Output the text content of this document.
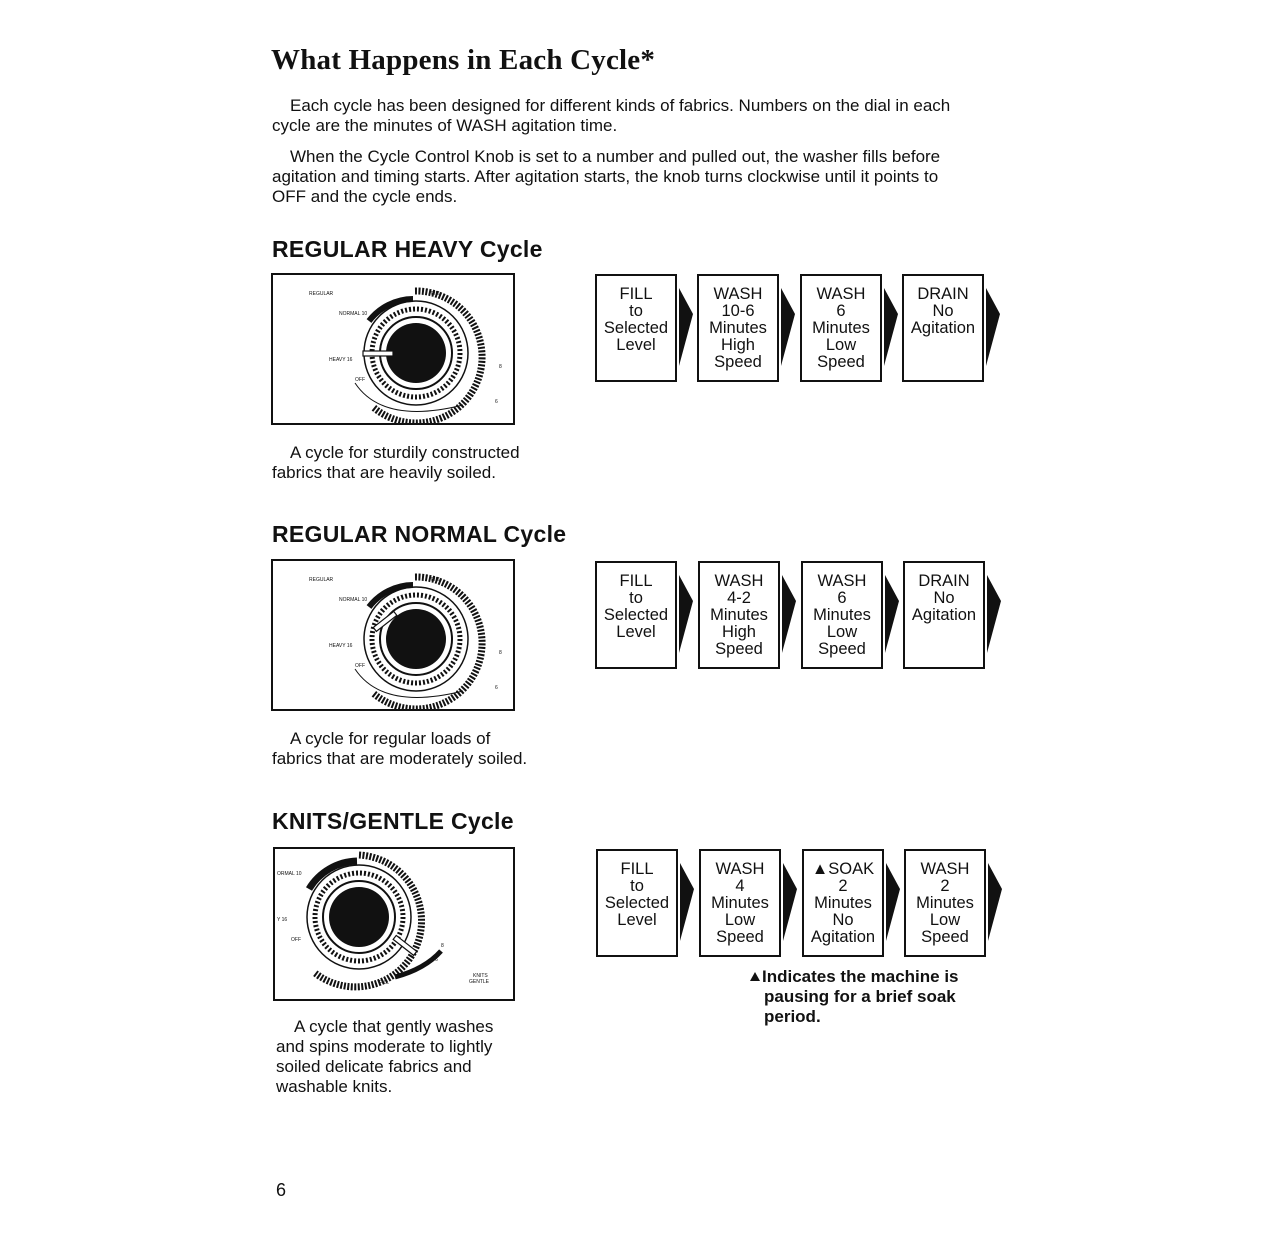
What Happens in Each Cycle*

Each cycle has been designed for different kinds of fabrics. Numbers on the dial in each cycle are the minutes of WASH agitation time.

When the Cycle Control Knob is set to a number and pulled out, the washer fills before agitation and timing starts. After agitation starts, the knob turns clockwise until it points to OFF and the cycle ends.

REGULAR HEAVY Cycle
REGULAR
NORMAL 10
HEAVY 16
OFF
FILL
8
6

A cycle for sturdily constructed fabrics that are heavily soiled.

FILL
to
Selected
Level
WASH
10-6
Minutes
High
Speed
WASH
6
Minutes
Low
Speed
DRAIN
No
Agitation
REGULAR NORMAL Cycle
REGULAR
NORMAL 10
HEAVY 16
OFF
FILL
8
6

A cycle for regular loads of fabrics that are moderately soiled.

FILL
to
Selected
Level
WASH
4-2
Minutes
High
Speed
WASH
6
Minutes
Low
Speed
DRAIN
No
Agitation
KNITS/GENTLE Cycle
ORMAL 10
Y 16
OFF
FILL
KNITS
GENTLE
8
6

A cycle that gently washes and spins moderate to lightly soiled delicate fabrics and washable knits.

FILL
to
Selected
Level
WASH
4
Minutes
Low
Speed
▲SOAK
2
Minutes
No
Agitation
WASH
2
Minutes
Low
Speed

Indicates the machine is
pausing for a brief soak period.

6
